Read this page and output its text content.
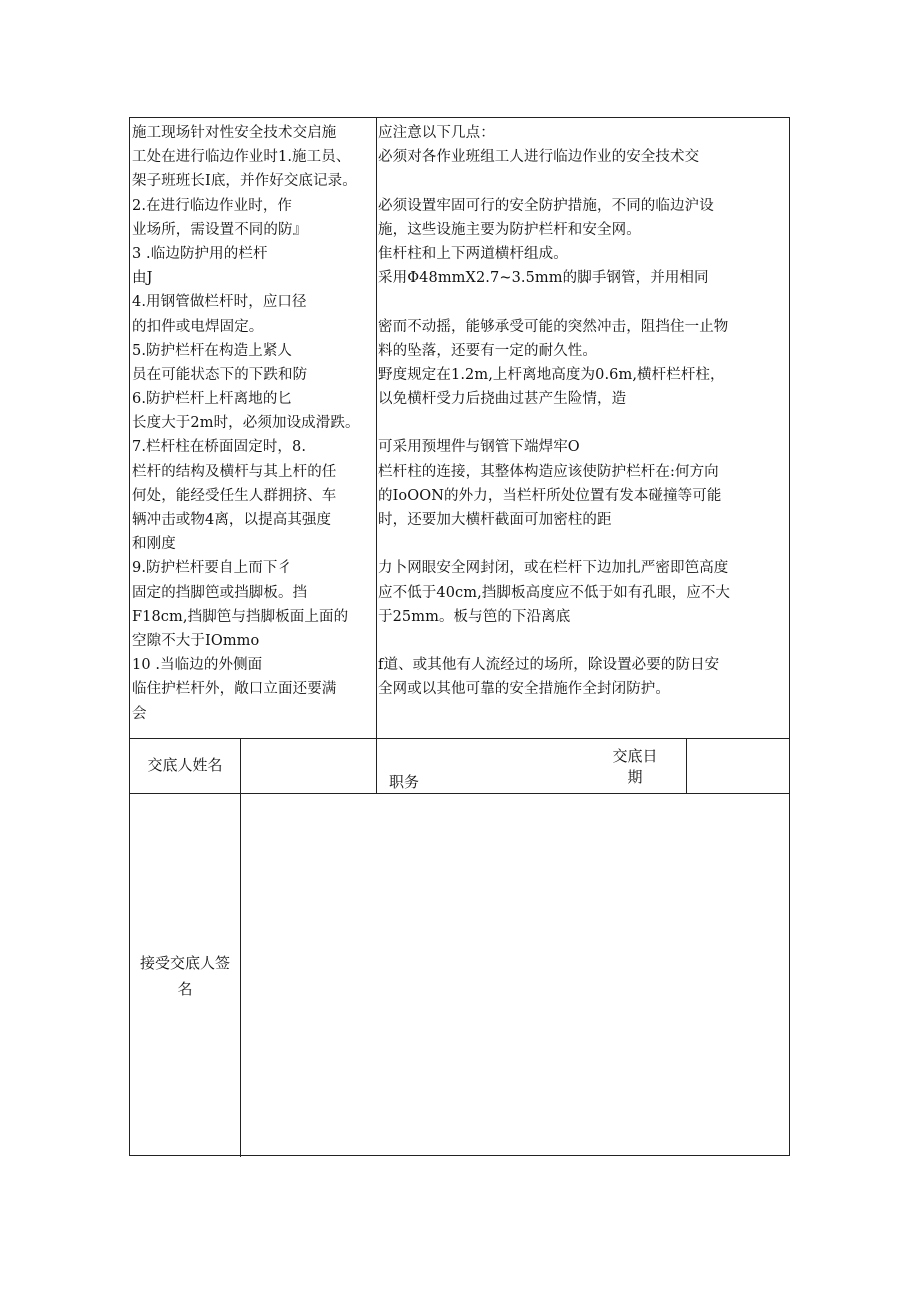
施工现场针对性安全技术交启施
工处在进行临边作业时1.施工员、
架子班班长I底，并作好交底记录。
2.在进行临边作业时，作
业场所，需设置不同的防』
3 .临边防护用的栏杆
由J
4.用钢管做栏杆时，应口径
的扣件或电焊固定。
5.防护栏杆在构造上紧人
员在可能状态下的下跌和防
6.防护栏杆上杆离地的匕
长度大于2m时，必须加设成滑跌。
7.栏杆柱在桥面固定时，8.
栏杆的结构及横杆与其上杆的任
何处，能经受任生人群拥挤、车
辆冲击或物4离，以提高其强度
和刚度
9.防护栏杆要自上而下彳
固定的挡脚笆或挡脚板。挡
F18cm,挡脚笆与挡脚板面上面的
空隙不大于IOmmo
10 .当临边的外侧面
临住护栏杆外，敞口立面还要满
会
应注意以下几点：
必须对各作业班组工人进行临边作业的安全技术交
必须设置牢固可行的安全防护措施，不同的临边沪设
施，这些设施主要为防护栏杆和安全网。
隹杆柱和上下两道横杆组成。
采用Φ48mmX2.7~3.5mm的脚手钢管，并用相同
密而不动摇，能够承受可能的突然冲击，阻挡住一止物
料的坠落，还要有一定的耐久性。
野度规定在1.2m,上杆离地高度为0.6m,横杆栏杆柱，
以免横杆受力后挠曲过甚产生险情，造
可采用预埋件与钢管下端焊牢O
栏杆柱的连接，其整体构造应该使防护栏杆在:何方向
的IoOON的外力，当栏杆所处位置有发本碰撞等可能
时，还要加大横杆截面可加密柱的距
力卜网眼安全网封闭，或在栏杆下边加扎严密即笆高度
应不低于40cm,挡脚板高度应不低于如有孔眼，应不大
于25mm。板与笆的下沿离底
f道、或其他有人流经过的场所，除设置必要的防日安
全网或以其他可靠的安全措施作全封闭防护。
交底人姓名
职务
交底日
期
接受交底人签
名
